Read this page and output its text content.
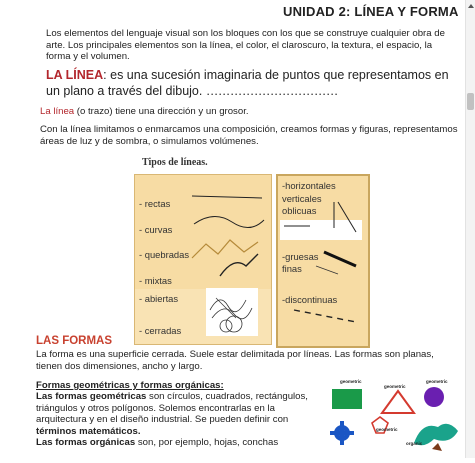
UNIDAD 2: LÍNEA Y FORMA

Los elementos del lenguaje visual son los bloques con los que se construye cualquier obra de arte. Los principales elementos son la línea, el color, el claroscuro, la textura, el espacio, la forma y el volumen.

LA LÍNEA: es una sucesión imaginaria de puntos que representamos en un plano a través del dibujo. ……………………………

La línea (o trazo) tiene una dirección y un grosor.

Con la línea limitamos o enmarcamos una composición, creamos formas y figuras, representamos áreas de luz y de sombra, o simulamos volúmenes.

Tipos de líneas.
- rectas
- curvas
- quebradas
- mixtas
- abiertas
- cerradas
-horizontales
verticales
oblicuas
-gruesas
finas
-discontinuas
LAS FORMAS

La forma es una superficie cerrada. Suele estar delimitada por líneas. Las formas son planas, tienen dos dimensiones, ancho y largo.

Formas geométricas y formas orgánicas:
Las formas geométricas son círculos, cuadrados, rectángulos, triángulos y otros polígonos. Solemos encontrarlas en la arquitectura y en el diseño industrial. Se pueden definir con términos matemáticos.
Las formas orgánicas son, por ejemplo, hojas, conchas

geometric
geometric
geometric
geometric
organic
